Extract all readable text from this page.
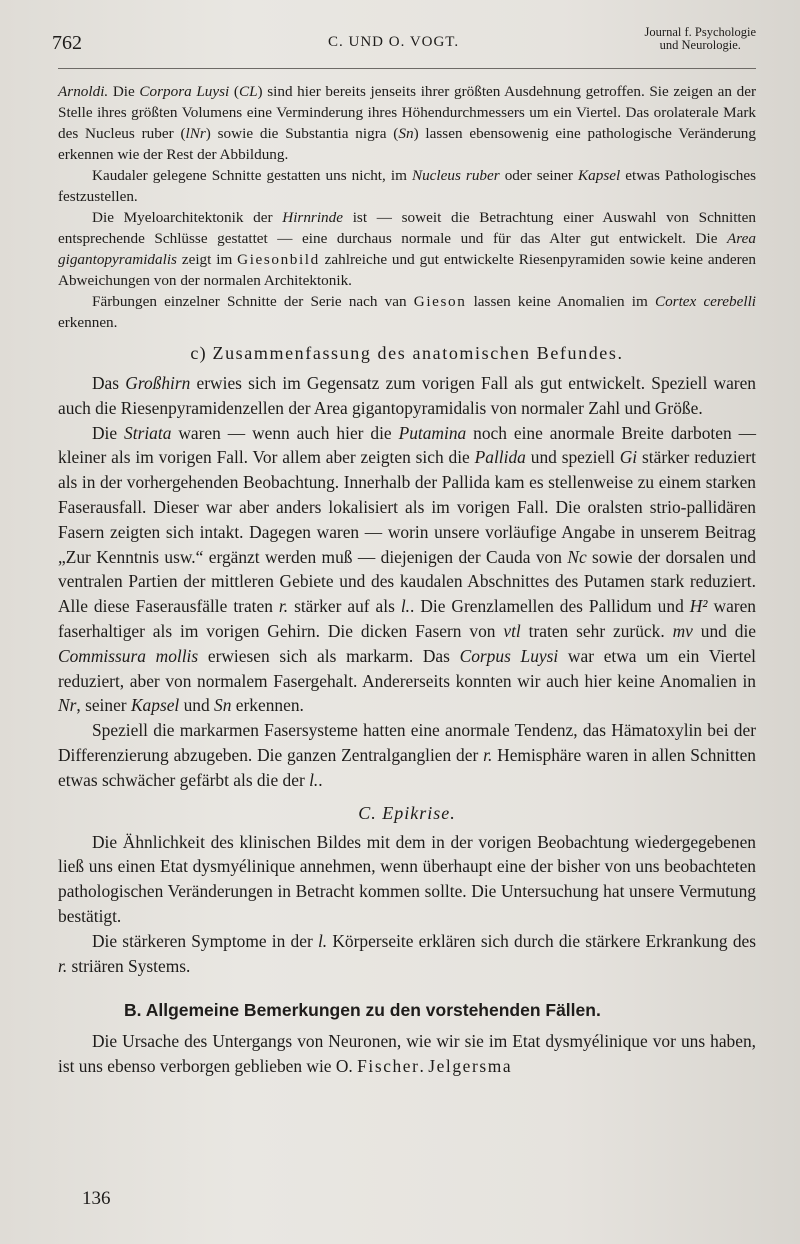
762	C. UND O. VOGT.
Journal f. Psychologie
und Neurologie.

Arnoldi. Die Corpora Luysi (CL) sind hier bereits jenseits ihrer größten Ausdehnung getroffen. Sie zeigen an der Stelle ihres größten Volumens eine Verminderung ihres Höhendurchmessers um ein Viertel. Das orolaterale Mark des Nucleus ruber (lNr) sowie die Substantia nigra (Sn) lassen ebensowenig eine pathologische Veränderung erkennen wie der Rest der Abbildung.

Kaudaler gelegene Schnitte gestatten uns nicht, im Nucleus ruber oder seiner Kapsel etwas Pathologisches festzustellen.

Die Myeloarchitektonik der Hirnrinde ist — soweit die Betrachtung einer Auswahl von Schnitten entsprechende Schlüsse gestattet — eine durchaus normale und für das Alter gut entwickelt. Die Area gigantopyramidalis zeigt im Giesonbild zahlreiche und gut entwickelte Riesenpyramiden sowie keine anderen Abweichungen von der normalen Architektonik.

Färbungen einzelner Schnitte der Serie nach van Gieson lassen keine Anomalien im Cortex cerebelli erkennen.

c) Zusammenfassung des anatomischen Befundes.

Das Großhirn erwies sich im Gegensatz zum vorigen Fall als gut entwickelt. Speziell waren auch die Riesenpyramidenzellen der Area gigantopyramidalis von normaler Zahl und Größe.

Die Striata waren — wenn auch hier die Putamina noch eine anormale Breite darboten — kleiner als im vorigen Fall. Vor allem aber zeigten sich die Pallida und speziell Gi stärker reduziert als in der vorhergehenden Beobachtung. Innerhalb der Pallida kam es stellenweise zu einem starken Faserausfall. Dieser war aber anders lokalisiert als im vorigen Fall. Die oralsten strio-pallidären Fasern zeigten sich intakt. Dagegen waren — worin unsere vorläufige Angabe in unserem Beitrag „Zur Kenntnis usw.“ ergänzt werden muß — diejenigen der Cauda von Nc sowie der dorsalen und ventralen Partien der mittleren Gebiete und des kaudalen Abschnittes des Putamen stark reduziert. Alle diese Faserausfälle traten r. stärker auf als l.. Die Grenzlamellen des Pallidum und H² waren faserhaltiger als im vorigen Gehirn. Die dicken Fasern von vtl traten sehr zurück. mv und die Commissura mollis erwiesen sich als markarm. Das Corpus Luysi war etwa um ein Viertel reduziert, aber von normalem Fasergehalt. Andererseits konnten wir auch hier keine Anomalien in Nr, seiner Kapsel und Sn erkennen.

Speziell die markarmen Fasersysteme hatten eine anormale Tendenz, das Hämatoxylin bei der Differenzierung abzugeben. Die ganzen Zentralganglien der r. Hemisphäre waren in allen Schnitten etwas schwächer gefärbt als die der l..

C. Epikrise.

Die Ähnlichkeit des klinischen Bildes mit dem in der vorigen Beobachtung wiedergegebenen ließ uns einen Etat dysmyélinique annehmen, wenn überhaupt eine der bisher von uns beobachteten pathologischen Veränderungen in Betracht kommen sollte. Die Untersuchung hat unsere Vermutung bestätigt.

Die stärkeren Symptome in der l. Körperseite erklären sich durch die stärkere Erkrankung des r. striären Systems.

B. Allgemeine Bemerkungen zu den vorstehenden Fällen.

Die Ursache des Untergangs von Neuronen, wie wir sie im Etat dysmyélinique vor uns haben, ist uns ebenso verborgen geblieben wie O. Fischer. Jelgersma

136
